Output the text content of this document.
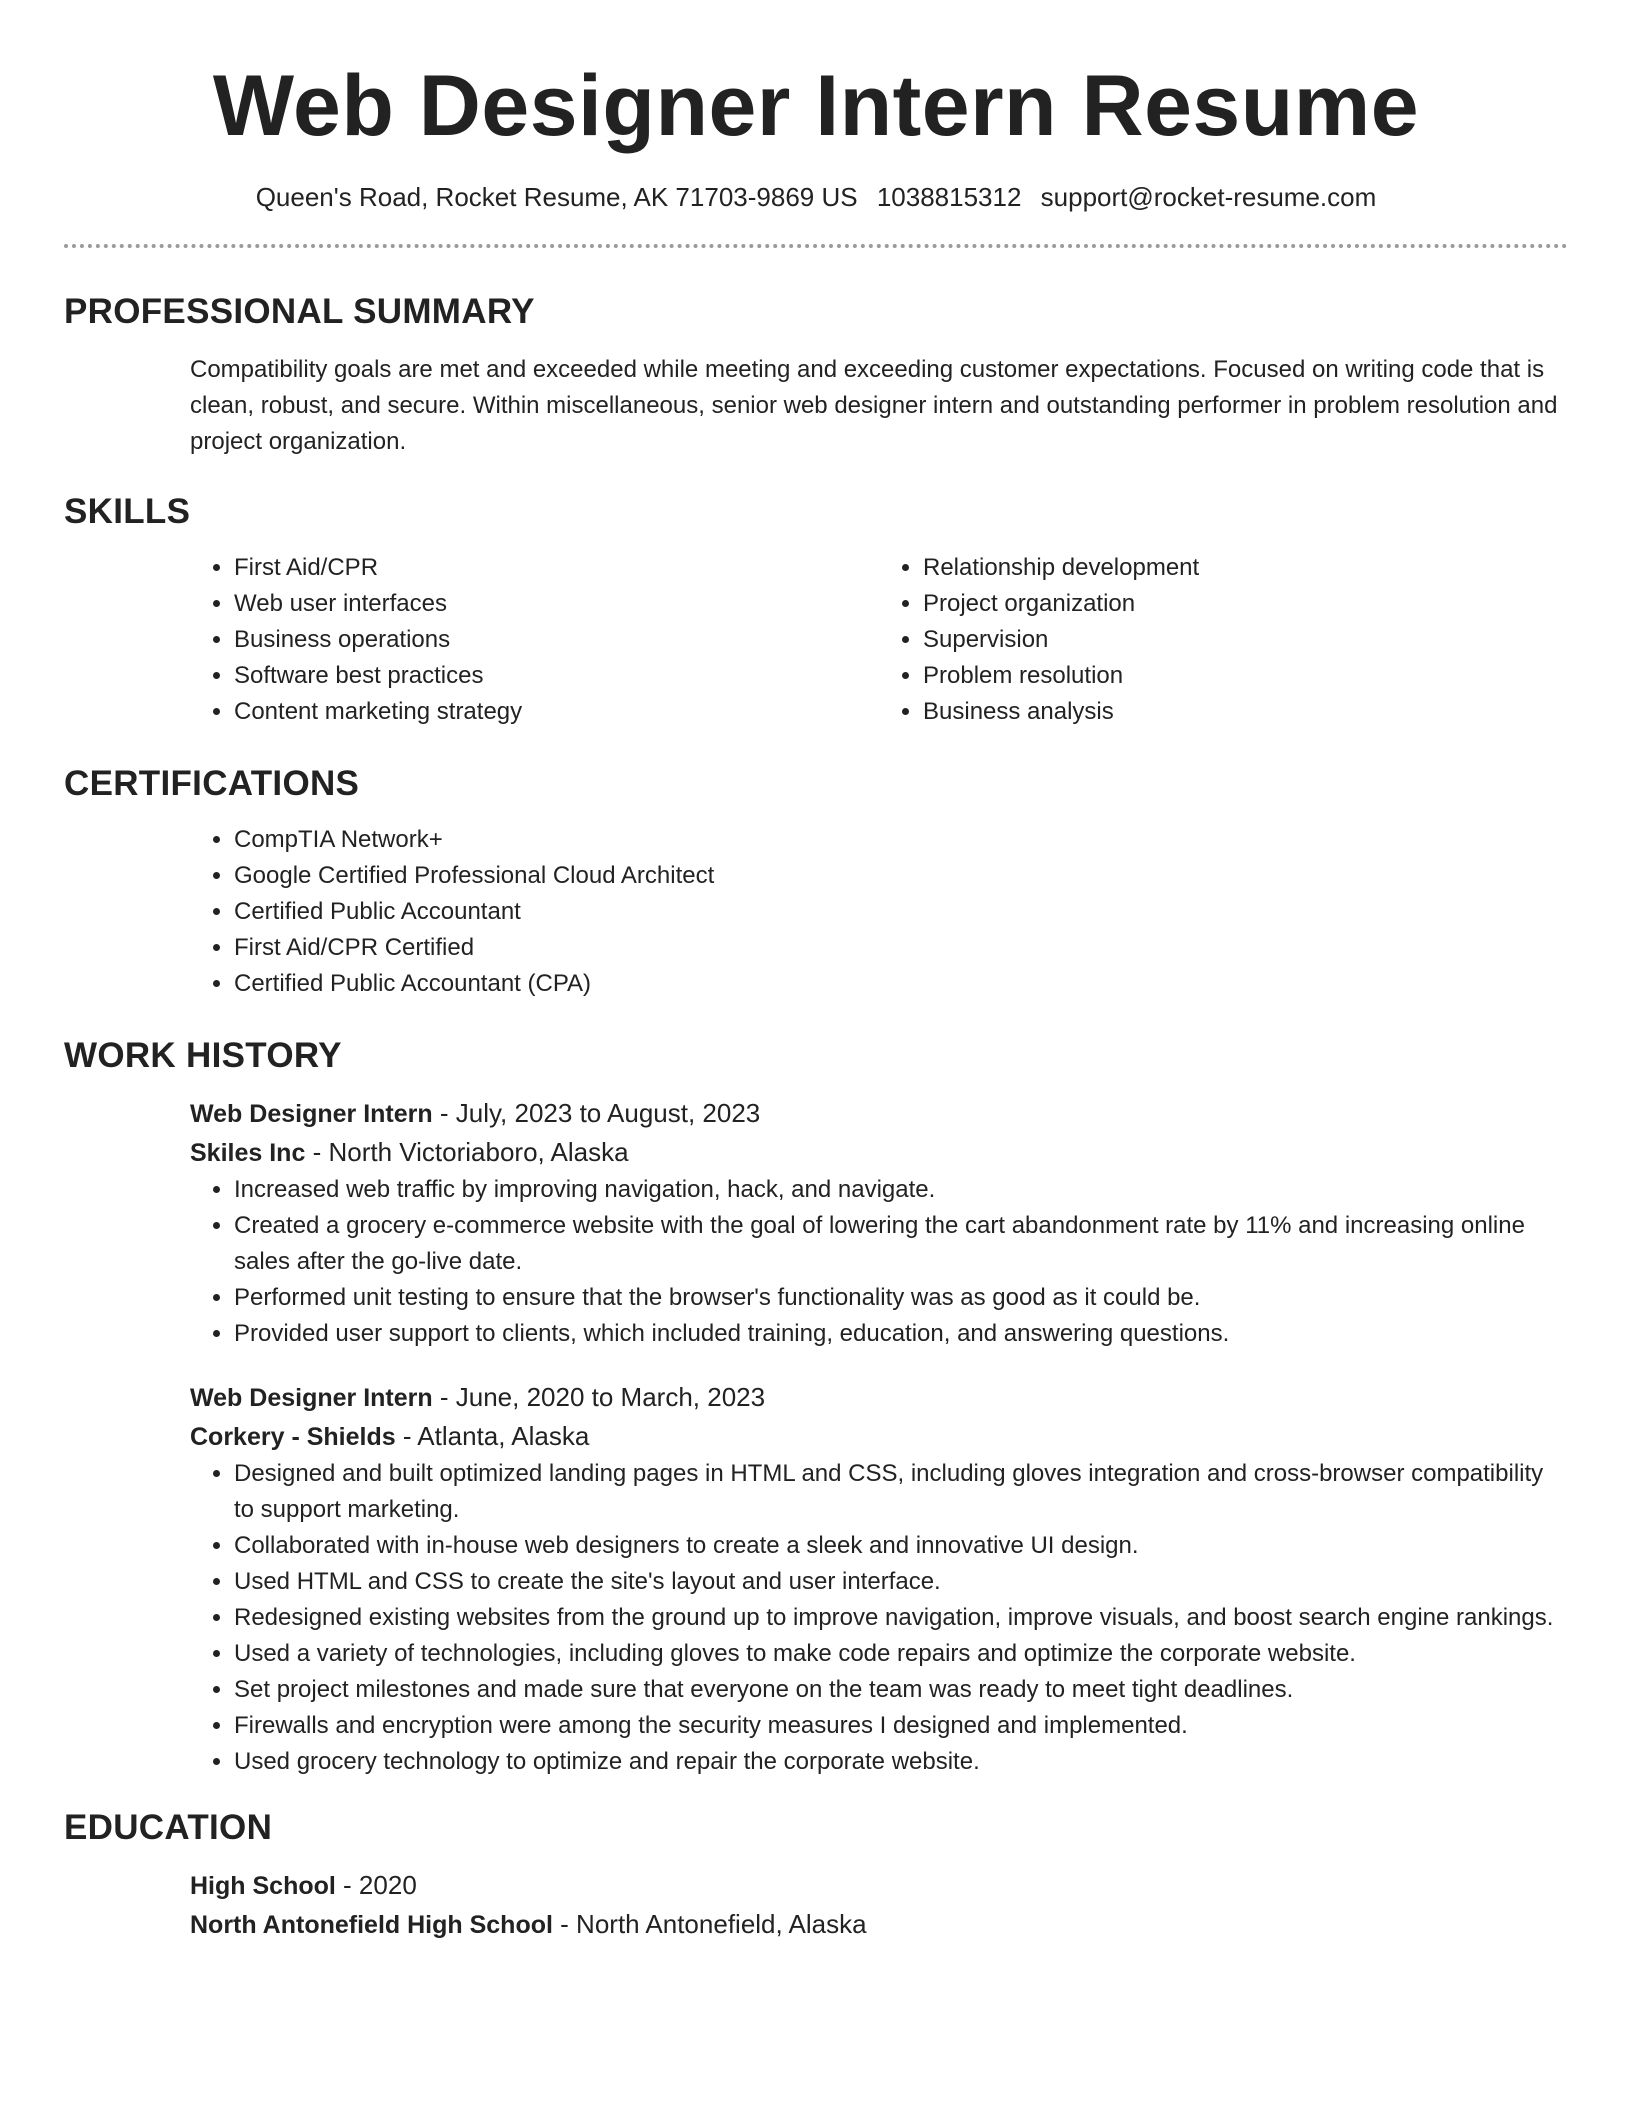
Web Designer Intern Resume
Queen's Road, Rocket Resume, AK 71703-9869 US 1038815312 support@rocket-resume.com
PROFESSIONAL SUMMARY

Compatibility goals are met and exceeded while meeting and exceeding customer expectations. Focused on writing code that is clean, robust, and secure. Within miscellaneous, senior web designer intern and outstanding performer in problem resolution and project organization.

SKILLS
• First Aid/CPR
• Web user interfaces
• Business operations
• Software best practices
• Content marketing strategy
• Relationship development
• Project organization
• Supervision
• Problem resolution
• Business analysis
CERTIFICATIONS
• CompTIA Network+
• Google Certified Professional Cloud Architect
• Certified Public Accountant
• First Aid/CPR Certified
• Certified Public Accountant (CPA)
WORK HISTORY
Web Designer Intern - July, 2023 to August, 2023
Skiles Inc - North Victoriaboro, Alaska
• Increased web traffic by improving navigation, hack, and navigate.
• Created a grocery e-commerce website with the goal of lowering the cart abandonment rate by 11% and increasing online sales after the go-live date.
• Performed unit testing to ensure that the browser's functionality was as good as it could be.
• Provided user support to clients, which included training, education, and answering questions.
Web Designer Intern - June, 2020 to March, 2023
Corkery - Shields - Atlanta, Alaska
• Designed and built optimized landing pages in HTML and CSS, including gloves integration and cross-browser compatibility to support marketing.
• Collaborated with in-house web designers to create a sleek and innovative UI design.
• Used HTML and CSS to create the site's layout and user interface.
• Redesigned existing websites from the ground up to improve navigation, improve visuals, and boost search engine rankings.
• Used a variety of technologies, including gloves to make code repairs and optimize the corporate website.
• Set project milestones and made sure that everyone on the team was ready to meet tight deadlines.
• Firewalls and encryption were among the security measures I designed and implemented.
• Used grocery technology to optimize and repair the corporate website.
EDUCATION
High School - 2020
North Antonefield High School - North Antonefield, Alaska
